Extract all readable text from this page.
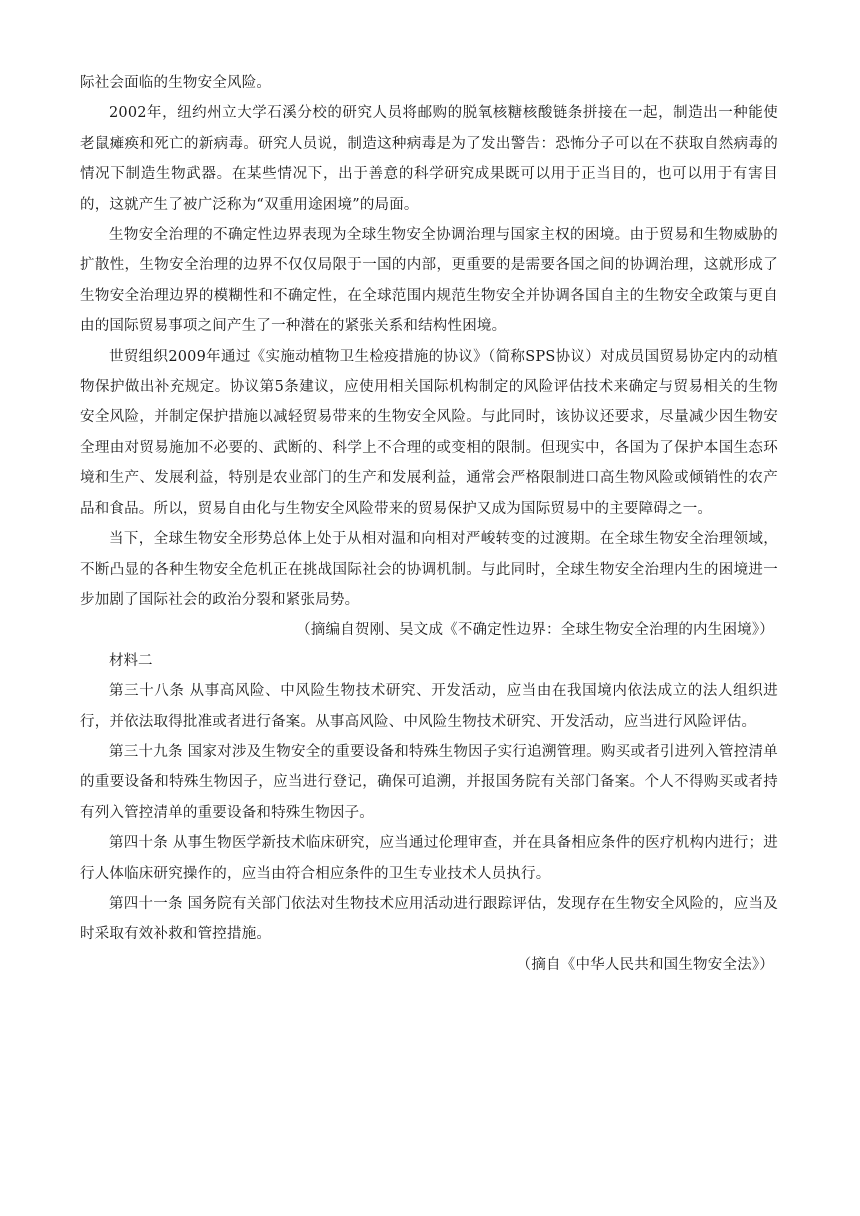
际社会面临的生物安全风险。

2002年，纽约州立大学石溪分校的研究人员将邮购的脱氧核糖核酸链条拼接在一起，制造出一种能使老鼠瘫痪和死亡的新病毒。研究人员说，制造这种病毒是为了发出警告：恐怖分子可以在不获取自然病毒的情况下制造生物武器。在某些情况下，出于善意的科学研究成果既可以用于正当目的，也可以用于有害目的，这就产生了被广泛称为“双重用途困境”的局面。

生物安全治理的不确定性边界表现为全球生物安全协调治理与国家主权的困境。由于贸易和生物威胁的扩散性，生物安全治理的边界不仅仅局限于一国的内部，更重要的是需要各国之间的协调治理，这就形成了生物安全治理边界的模糊性和不确定性，在全球范围内规范生物安全并协调各国自主的生物安全政策与更自由的国际贸易事项之间产生了一种潜在的紧张关系和结构性困境。

世贸组织2009年通过《实施动植物卫生检疫措施的协议》（简称SPS协议）对成员国贸易协定内的动植物保护做出补充规定。协议第5条建议，应使用相关国际机构制定的风险评估技术来确定与贸易相关的生物安全风险，并制定保护措施以减轻贸易带来的生物安全风险。与此同时，该协议还要求，尽量减少因生物安全理由对贸易施加不必要的、武断的、科学上不合理的或变相的限制。但现实中，各国为了保护本国生态环境和生产、发展利益，特别是农业部门的生产和发展利益，通常会严格限制进口高生物风险或倾销性的农产品和食品。所以，贸易自由化与生物安全风险带来的贸易保护又成为国际贸易中的主要障碍之一。

当下，全球生物安全形势总体上处于从相对温和向相对严峻转变的过渡期。在全球生物安全治理领域，不断凸显的各种生物安全危机正在挑战国际社会的协调机制。与此同时，全球生物安全治理内生的困境进一步加剧了国际社会的政治分裂和紧张局势。

（摘编自贺刚、吴文成《不确定性边界：全球生物安全治理的内生困境》）

材料二

第三十八条 从事高风险、中风险生物技术研究、开发活动，应当由在我国境内依法成立的法人组织进行，并依法取得批准或者进行备案。从事高风险、中风险生物技术研究、开发活动，应当进行风险评估。

第三十九条 国家对涉及生物安全的重要设备和特殊生物因子实行追溯管理。购买或者引进列入管控清单的重要设备和特殊生物因子，应当进行登记，确保可追溯，并报国务院有关部门备案。个人不得购买或者持有列入管控清单的重要设备和特殊生物因子。

第四十条 从事生物医学新技术临床研究，应当通过伦理审查，并在具备相应条件的医疗机构内进行；进行人体临床研究操作的，应当由符合相应条件的卫生专业技术人员执行。

第四十一条 国务院有关部门依法对生物技术应用活动进行跟踪评估，发现存在生物安全风险的，应当及时采取有效补救和管控措施。

（摘自《中华人民共和国生物安全法》）
